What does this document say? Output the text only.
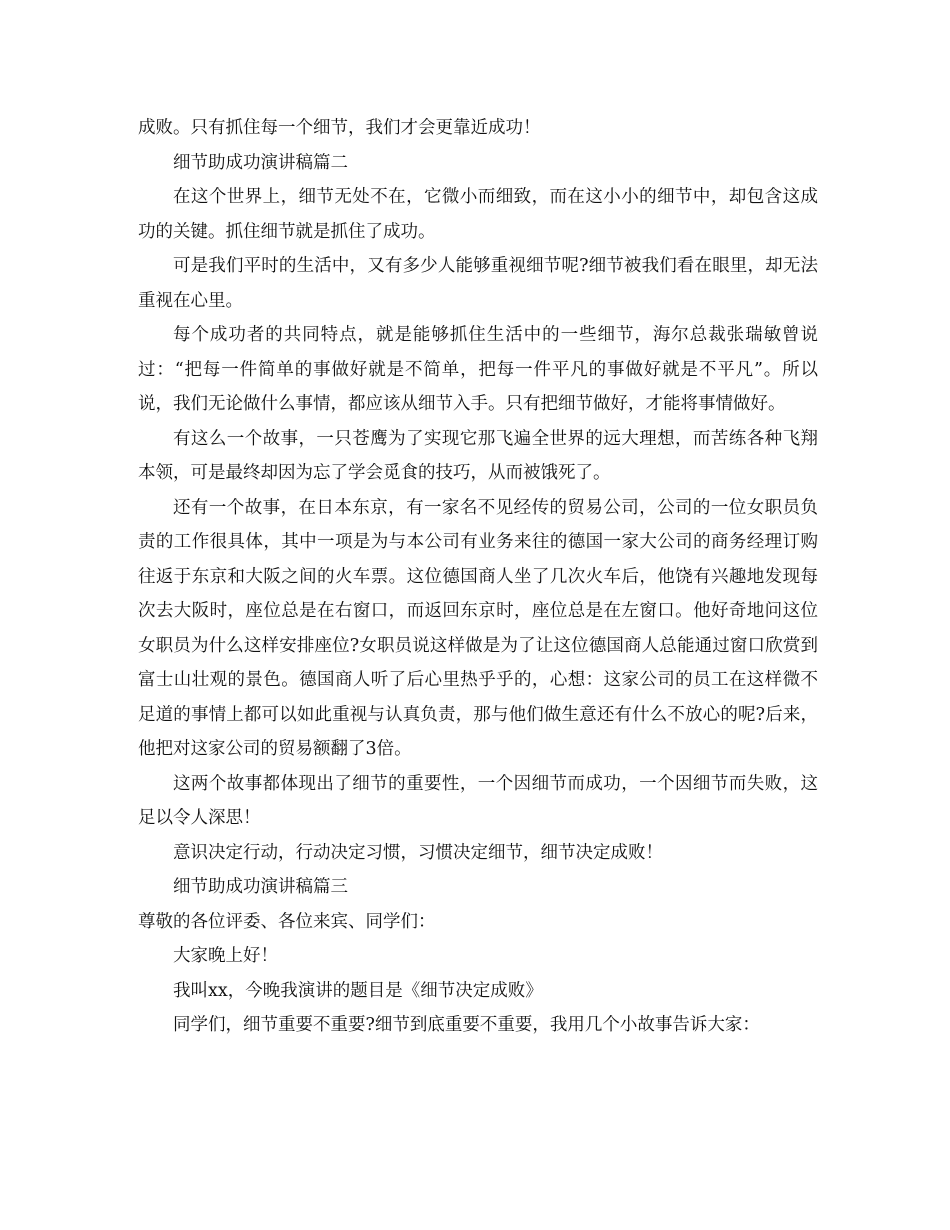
成败。只有抓住每一个细节，我们才会更靠近成功！

细节助成功演讲稿篇二

在这个世界上，细节无处不在，它微小而细致，而在这小小的细节中，却包含这成功的关键。抓住细节就是抓住了成功。

可是我们平时的生活中，又有多少人能够重视细节呢?细节被我们看在眼里，却无法重视在心里。

每个成功者的共同特点，就是能够抓住生活中的一些细节，海尔总裁张瑞敏曾说过：“把每一件简单的事做好就是不简单，把每一件平凡的事做好就是不平凡”。所以说，我们无论做什么事情，都应该从细节入手。只有把细节做好，才能将事情做好。

有这么一个故事，一只苍鹰为了实现它那飞遍全世界的远大理想，而苦练各种飞翔本领，可是最终却因为忘了学会觅食的技巧，从而被饿死了。

还有一个故事，在日本东京，有一家名不见经传的贸易公司，公司的一位女职员负责的工作很具体，其中一项是为与本公司有业务来往的德国一家大公司的商务经理订购往返于东京和大阪之间的火车票。这位德国商人坐了几次火车后，他饶有兴趣地发现每次去大阪时，座位总是在右窗口，而返回东京时，座位总是在左窗口。他好奇地问这位女职员为什么这样安排座位?女职员说这样做是为了让这位德国商人总能通过窗口欣赏到富士山壮观的景色。德国商人听了后心里热乎乎的，心想：这家公司的员工在这样微不足道的事情上都可以如此重视与认真负责，那与他们做生意还有什么不放心的呢?后来，他把对这家公司的贸易额翻了3倍。

这两个故事都体现出了细节的重要性，一个因细节而成功，一个因细节而失败，这足以令人深思！

意识决定行动，行动决定习惯，习惯决定细节，细节决定成败！

细节助成功演讲稿篇三

尊敬的各位评委、各位来宾、同学们：

大家晚上好！

我叫xx，今晚我演讲的题目是《细节决定成败》

同学们，细节重要不重要?细节到底重要不重要，我用几个小故事告诉大家：
